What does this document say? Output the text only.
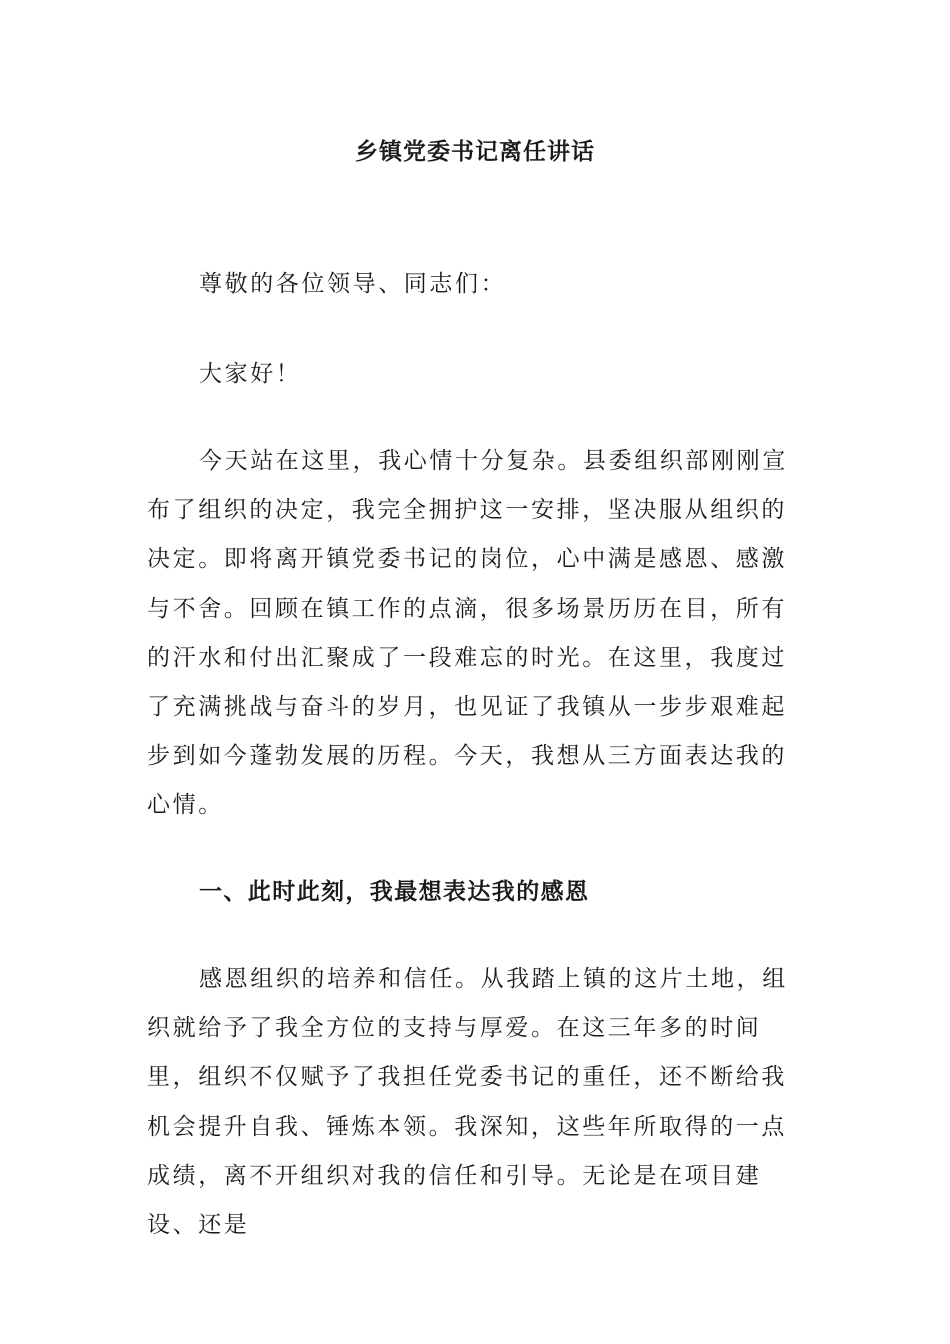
乡镇党委书记离任讲话

尊敬的各位领导、同志们：

大家好！

今天站在这里，我心情十分复杂。县委组织部刚刚宣布了组织的决定，我完全拥护这一安排，坚决服从组织的决定。即将离开镇党委书记的岗位，心中满是感恩、感激与不舍。回顾在镇工作的点滴，很多场景历历在目，所有的汗水和付出汇聚成了一段难忘的时光。在这里，我度过了充满挑战与奋斗的岁月，也见证了我镇从一步步艰难起步到如今蓬勃发展的历程。今天，我想从三方面表达我的心情。

一、此时此刻，我最想表达我的感恩

感恩组织的培养和信任。从我踏上镇的这片土地，组织就给予了我全方位的支持与厚爱。在这三年多的时间里，组织不仅赋予了我担任党委书记的重任，还不断给我机会提升自我、锤炼本领。我深知，这些年所取得的一点成绩，离不开组织对我的信任和引导。无论是在项目建设、还是
